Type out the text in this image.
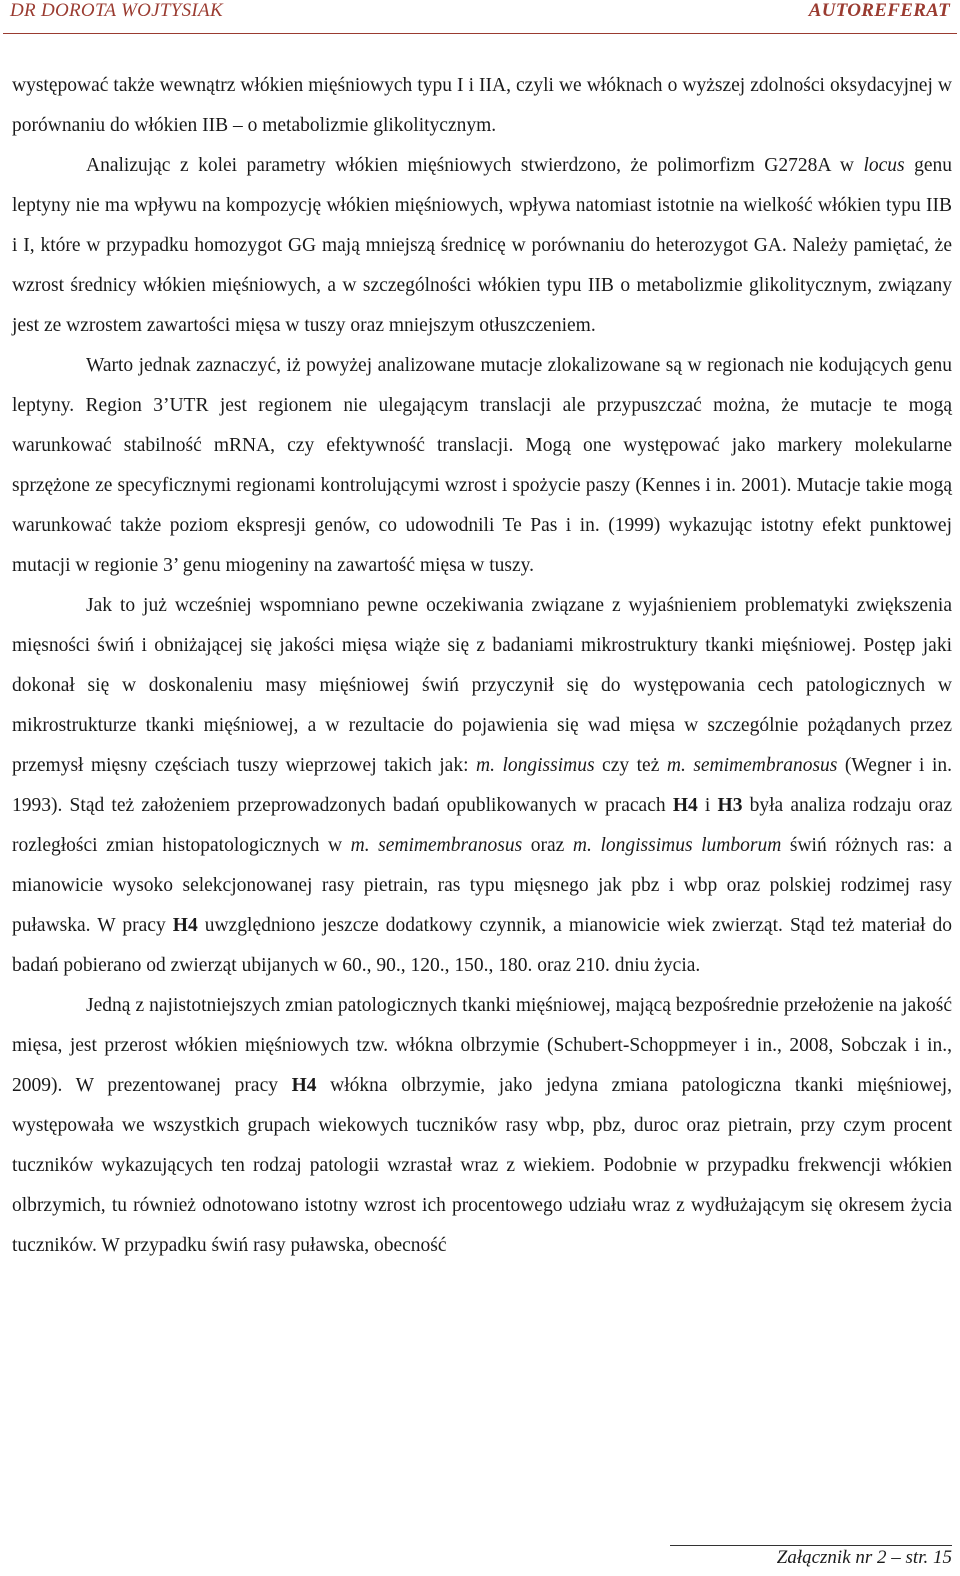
DR DOROTA WOJTYSIAK	AUTOREFERAT

występować także wewnątrz włókien mięśniowych typu I i IIA, czyli we włóknach o wyższej zdolności oksydacyjnej w porównaniu do włókien IIB – o metabolizmie glikolitycznym.

Analizując z kolei parametry włókien mięśniowych stwierdzono, że polimorfizm G2728A w locus genu leptyny nie ma wpływu na kompozycję włókien mięśniowych, wpływa natomiast istotnie na wielkość włókien typu IIB i I, które w przypadku homozygot GG mają mniejszą średnicę w porównaniu do heterozygot GA. Należy pamiętać, że wzrost średnicy włókien mięśniowych, a w szczególności włókien typu IIB o metabolizmie glikolitycznym, związany jest ze wzrostem zawartości mięsa w tuszy oraz mniejszym otłuszczeniem.

Warto jednak zaznaczyć, iż powyżej analizowane mutacje zlokalizowane są w regionach nie kodujących genu leptyny. Region 3’UTR jest regionem nie ulegającym translacji ale przypuszczać można, że mutacje te mogą warunkować stabilność mRNA, czy efektywność translacji. Mogą one występować jako markery molekularne sprzężone ze specyficznymi regionami kontrolującymi wzrost i spożycie paszy (Kennes i in. 2001). Mutacje takie mogą warunkować także poziom ekspresji genów, co udowodnili Te Pas i in. (1999) wykazując istotny efekt punktowej mutacji w regionie 3’ genu miogeniny na zawartość mięsa w tuszy.

Jak to już wcześniej wspomniano pewne oczekiwania związane z wyjaśnieniem problematyki zwiększenia mięsności świń i obniżającej się jakości mięsa wiąże się z badaniami mikrostruktury tkanki mięśniowej. Postęp jaki dokonał się w doskonaleniu masy mięśniowej świń przyczynił się do występowania cech patologicznych w mikrostrukturze tkanki mięśniowej, a w rezultacie do pojawienia się wad mięsa w szczególnie pożądanych przez przemysł mięsny częściach tuszy wieprzowej takich jak: m. longissimus czy też m. semimembranosus (Wegner i in. 1993). Stąd też założeniem przeprowadzonych badań opublikowanych w pracach H4 i H3 była analiza rodzaju oraz rozległości zmian histopatologicznych w m. semimembranosus oraz m. longissimus lumborum świń różnych ras: a mianowicie wysoko selekcjonowanej rasy pietrain, ras typu mięsnego jak pbz i wbp oraz polskiej rodzimej rasy puławska. W pracy H4 uwzględniono jeszcze dodatkowy czynnik, a mianowicie wiek zwierząt. Stąd też materiał do badań pobierano od zwierząt ubijanych w 60., 90., 120., 150., 180. oraz 210. dniu życia.

Jedną z najistotniejszych zmian patologicznych tkanki mięśniowej, mającą bezpośrednie przełożenie na jakość mięsa, jest przerost włókien mięśniowych tzw. włókna olbrzymie (Schubert-Schoppmeyer i in., 2008, Sobczak i in., 2009). W prezentowanej pracy H4 włókna olbrzymie, jako jedyna zmiana patologiczna tkanki mięśniowej, występowała we wszystkich grupach wiekowych tuczników rasy wbp, pbz, duroc oraz pietrain, przy czym procent tuczników wykazujących ten rodzaj patologii wzrastał wraz z wiekiem. Podobnie w przypadku frekwencji włókien olbrzymich, tu również odnotowano istotny wzrost ich procentowego udziału wraz z wydłużającym się okresem życia tuczników. W przypadku świń rasy puławska, obecność

Załącznik nr 2 – str. 15
